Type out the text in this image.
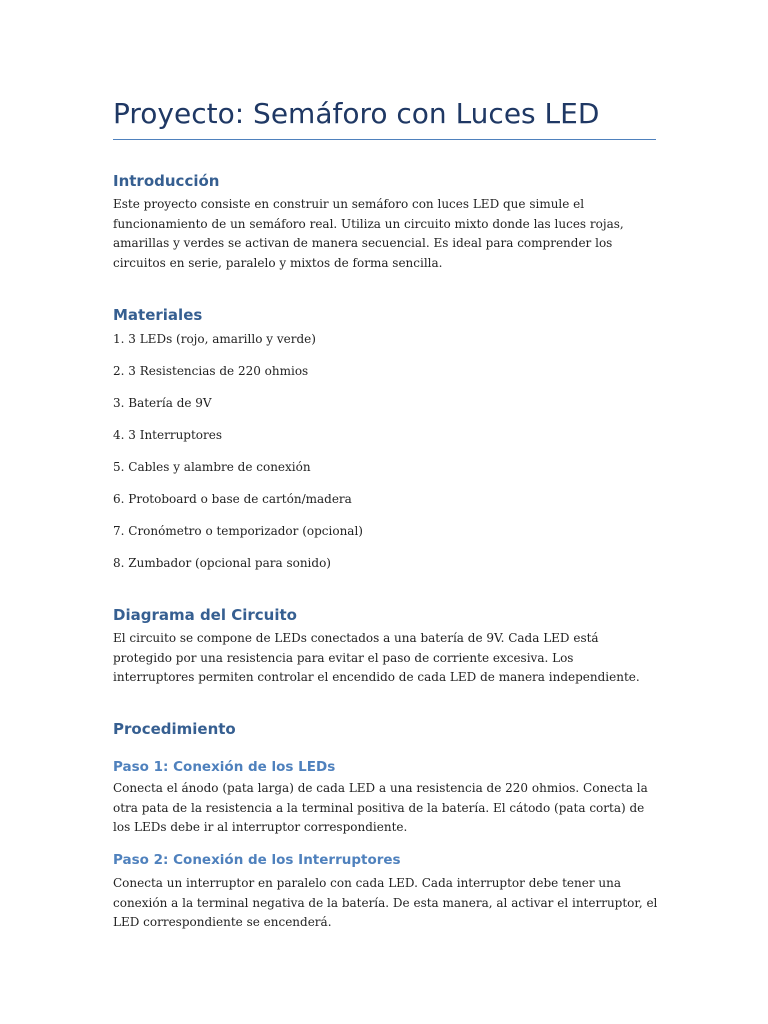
Proyecto: Semáforo con Luces LED
Introducción

Este proyecto consiste en construir un semáforo con luces LED que simule el funcionamiento de un semáforo real. Utiliza un circuito mixto donde las luces rojas, amarillas y verdes se activan de manera secuencial. Es ideal para comprender los circuitos en serie, paralelo y mixtos de forma sencilla.

Materiales
1. 3 LEDs (rojo, amarillo y verde)
2. 3 Resistencias de 220 ohmios
3. Batería de 9V
4. 3 Interruptores
5. Cables y alambre de conexión
6. Protoboard o base de cartón/madera
7. Cronómetro o temporizador (opcional)
8. Zumbador (opcional para sonido)
Diagrama del Circuito

El circuito se compone de LEDs conectados a una batería de 9V. Cada LED está protegido por una resistencia para evitar el paso de corriente excesiva. Los interruptores permiten controlar el encendido de cada LED de manera independiente.

Procedimiento
Paso 1: Conexión de los LEDs

Conecta el ánodo (pata larga) de cada LED a una resistencia de 220 ohmios. Conecta la otra pata de la resistencia a la terminal positiva de la batería. El cátodo (pata corta) de los LEDs debe ir al interruptor correspondiente.

Paso 2: Conexión de los Interruptores

Conecta un interruptor en paralelo con cada LED. Cada interruptor debe tener una conexión a la terminal negativa de la batería. De esta manera, al activar el interruptor, el LED correspondiente se encenderá.
